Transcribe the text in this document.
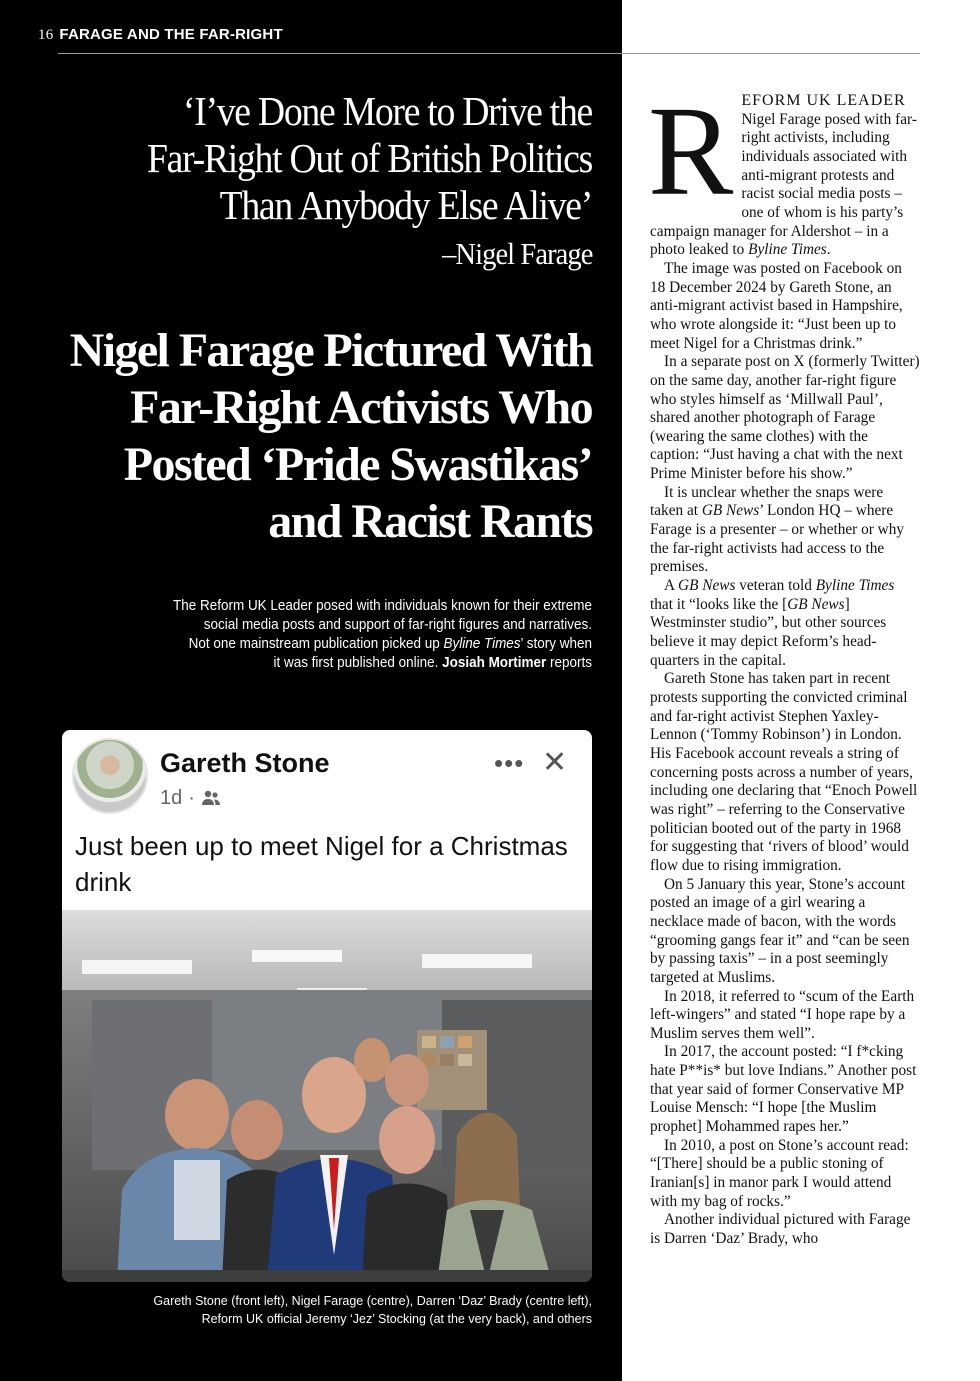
16 FARAGE AND THE FAR-RIGHT
‘I’ve Done More to Drive the
Far-Right Out of British Politics
Than Anybody Else Alive’
–Nigel Farage
Nigel Farage Pictured With
Far-Right Activists Who
Posted ‘Pride Swastikas’
and Racist Rants
The Reform UK Leader posed with individuals known for their extreme
social media posts and support of far-right figures and narratives.
Not one mainstream publication picked up Byline Times’ story when
it was first published online. Josiah Mortimer reports
Gareth Stone
1d ·
••• ✕
Just been up to meet Nigel for a Christmas drink
Gareth Stone (front left), Nigel Farage (centre), Darren ‘Daz’ Brady (centre left),
Reform UK official Jeremy ‘Jez’ Stocking (at the very back), and others
R EFORM UK LEADER Nigel Farage posed with far-right activists, including individuals associated with anti-migrant protests and racist social media posts – one of whom is his party’s campaign manager for Aldershot – in a photo leaked to Byline Times.

The image was posted on Facebook on 18 December 2024 by Gareth Stone, an anti-migrant activist based in Hampshire, who wrote alongside it: “Just been up to meet Nigel for a Christmas drink.”

In a separate post on X (formerly Twitter) on the same day, another far-right figure who styles himself as ‘Millwall Paul’, shared another photograph of Farage (wearing the same clothes) with the caption: “Just having a chat with the next Prime Minister before his show.”

It is unclear whether the snaps were taken at GB News’ London HQ – where Farage is a presenter – or whether or why the far-right activists had access to the premises.

A GB News veteran told Byline Times that it “looks like the [GB News] Westminster studio”, but other sources believe it may depict Reform’s head-quarters in the capital.

Gareth Stone has taken part in recent protests supporting the convicted criminal and far-right activist Stephen Yaxley-Lennon (‘Tommy Robinson’) in London. His Facebook account reveals a string of concerning posts across a number of years, including one declaring that “Enoch Powell was right” – referring to the Conservative politician booted out of the party in 1968 for suggesting that ‘rivers of blood’ would flow due to rising immigration.

On 5 January this year, Stone’s account posted an image of a girl wearing a necklace made of bacon, with the words “grooming gangs fear it” and “can be seen by passing taxis” – in a post seemingly targeted at Muslims.

In 2018, it referred to “scum of the Earth left-wingers” and stated “I hope rape by a Muslim serves them well”.

In 2017, the account posted: “I f*cking hate P**is* but love Indians.” Another post that year said of former Conservative MP Louise Mensch: “I hope [the Muslim prophet] Mohammed rapes her.”

In 2010, a post on Stone’s account read: “[There] should be a public stoning of Iranian[s] in manor park I would attend with my bag of rocks.”

Another individual pictured with Farage is Darren ‘Daz’ Brady, who
